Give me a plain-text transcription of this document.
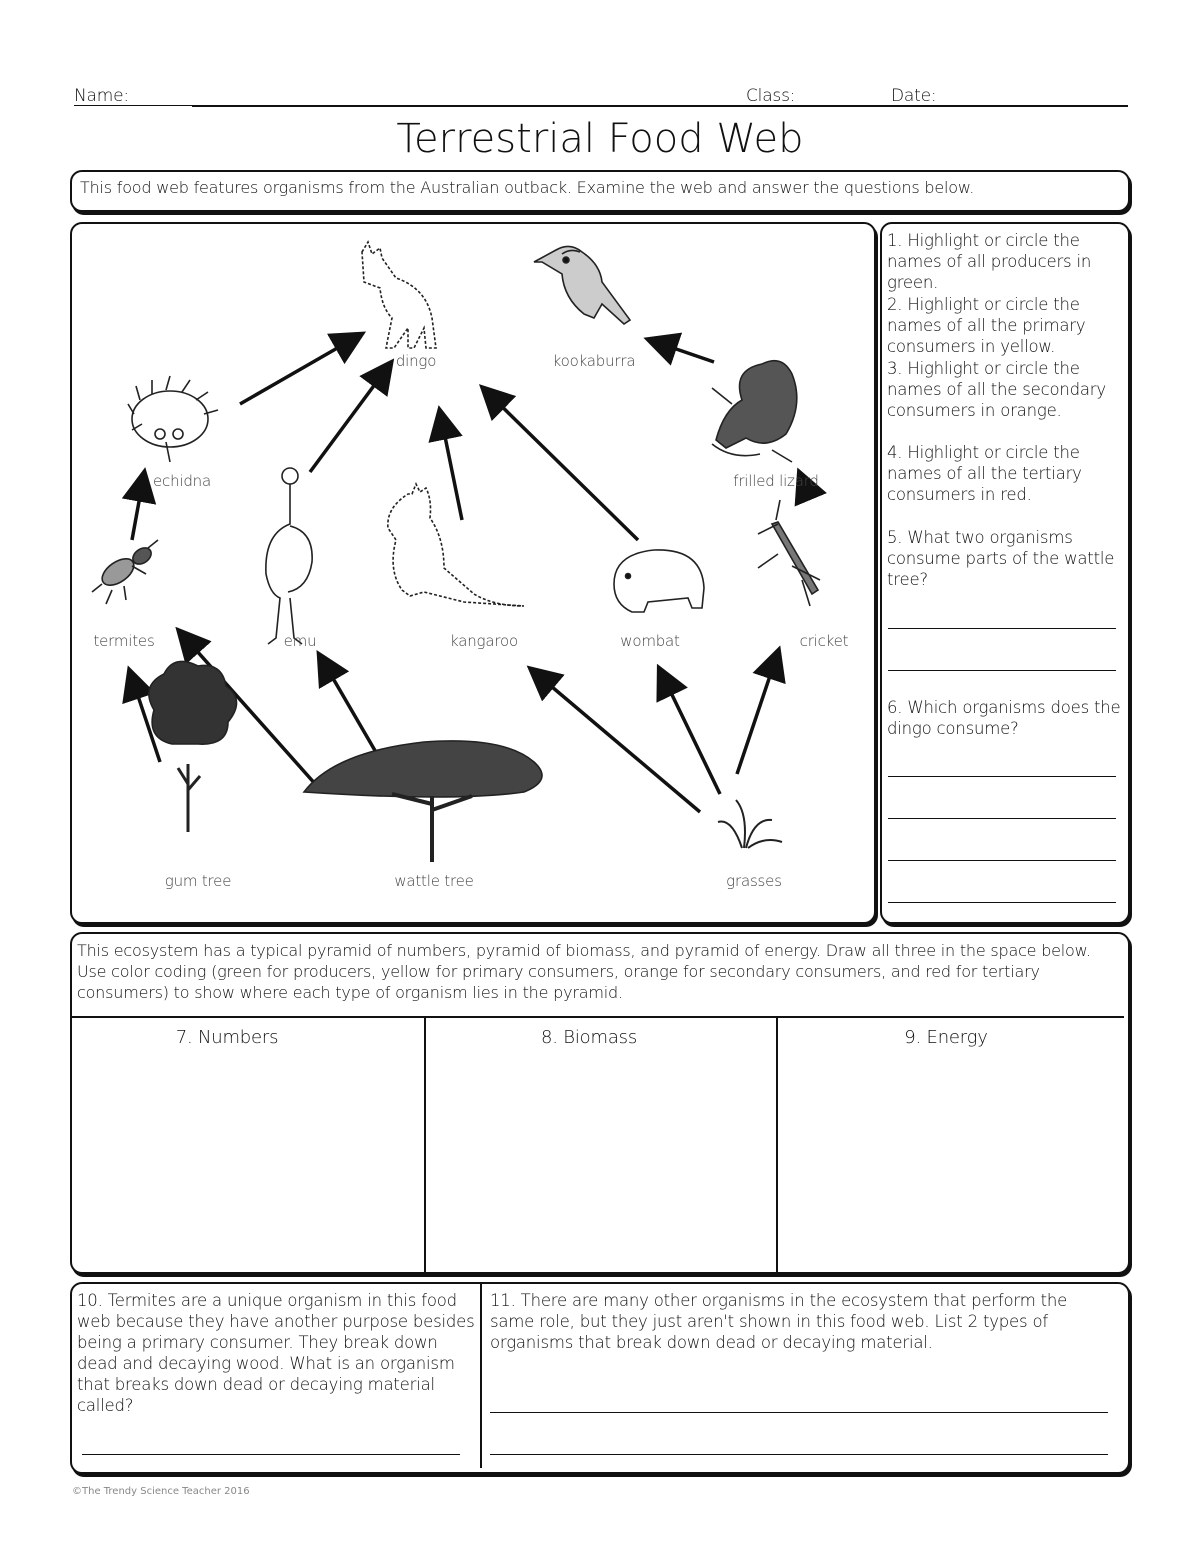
Name:	Class:	Date:
Terrestrial Food Web
This food web features organisms from the Australian outback. Examine the web and answer the questions below.
dingo	kookaburra
echidna	frilled lizard
termites	emu	kangaroo	wombat	cricket
gum tree	wattle tree	grasses
1. Highlight or circle the names of all producers in green.
2. Highlight or circle the names of all the primary consumers in yellow.
3. Highlight or circle the names of all the secondary consumers in orange.
4. Highlight or circle the names of all the tertiary consumers in red.
5. What two organisms consume parts of the wattle tree?
6. Which organisms does the dingo consume?
This ecosystem has a typical pyramid of numbers, pyramid of biomass, and pyramid of energy. Draw all three in the space below. Use color coding (green for producers, yellow for primary consumers, orange for secondary consumers, and red for tertiary consumers) to show where each type of organism lies in the pyramid.
7. Numbers	8. Biomass	9. Energy
10. Termites are a unique organism in this food web because they have another purpose besides being a primary consumer. They break down dead and decaying wood. What is an organism that breaks down dead or decaying material called?
11. There are many other organisms in the ecosystem that perform the same role, but they just aren't shown in this food web. List 2 types of organisms that break down dead or decaying material.
©The Trendy Science Teacher 2016
